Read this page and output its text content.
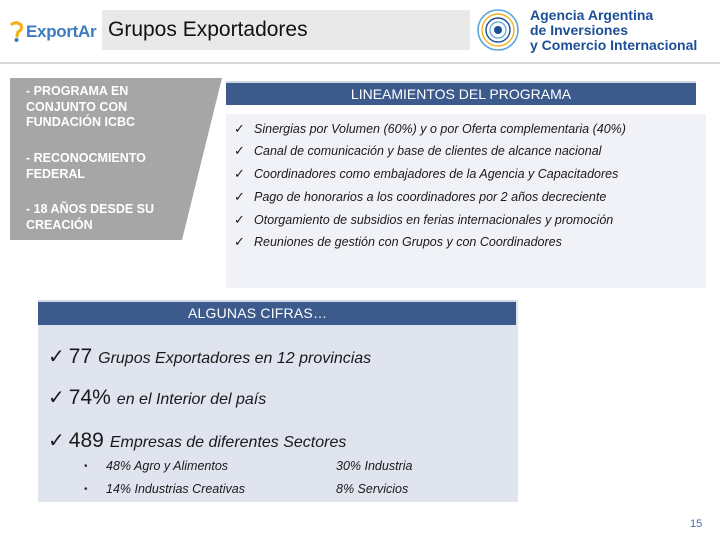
ExportAr Grupos Exportadores
Agencia Argentina
de Inversiones
y Comercio Internacional
- PROGRAMA EN
CONJUNTO CON
FUNDACIÓN ICBC
- RECONOCMIENTO
FEDERAL
- 18 AÑOS DESDE SU
CREACIÓN
LINEAMIENTOS DEL PROGRAMA
✓ Sinergias por Volumen (60%) y o por Oferta complementaria (40%)
✓ Canal de comunicación y base de clientes de alcance nacional
✓ Coordinadores como embajadores de la Agencia y Capacitadores
✓ Pago de honorarios a los coordinadores por 2 años decreciente
✓ Otorgamiento de subsidios en ferias internacionales y promoción
✓ Reuniones de gestión con Grupos y con Coordinadores
ALGUNAS CIFRAS…
✓ 77 Grupos Exportadores en 12 provincias
✓ 74% en el Interior del país
✓ 489 Empresas de diferentes Sectores
• 48% Agro y Alimentos	30% Industria
• 14% Industrias Creativas	8% Servicios
15
